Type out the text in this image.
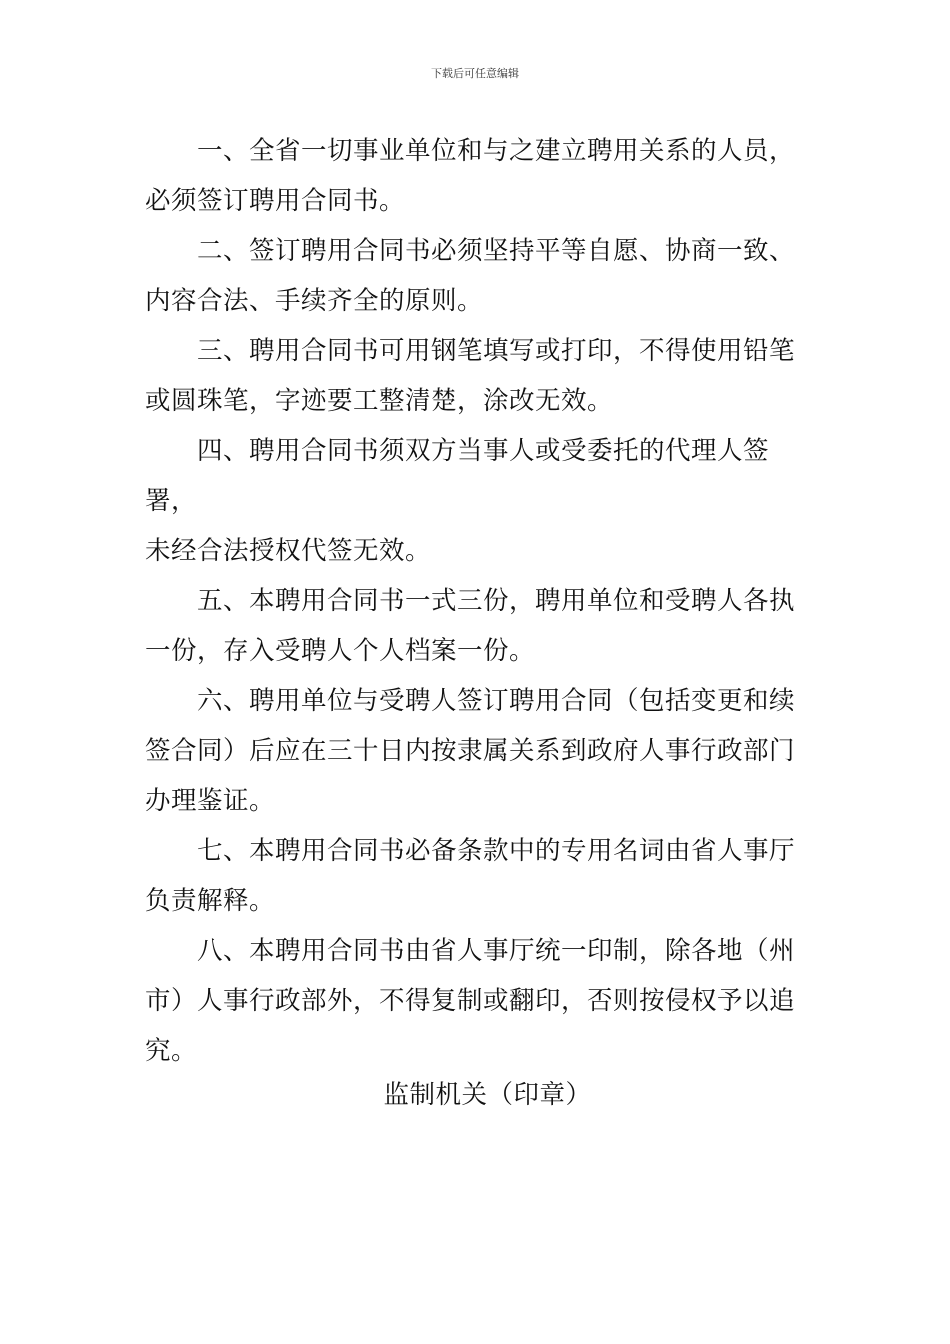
下载后可任意编辑

一、全省一切事业单位和与之建立聘用关系的人员，
必须签订聘用合同书。

二、签订聘用合同书必须坚持平等自愿、协商一致、
内容合法、手续齐全的原则。

三、聘用合同书可用钢笔填写或打印，不得使用铅笔
或圆珠笔，字迹要工整清楚，涂改无效。

四、聘用合同书须双方当事人或受委托的代理人签署，
未经合法授权代签无效。

五、本聘用合同书一式三份，聘用单位和受聘人各执
一份，存入受聘人个人档案一份。

六、聘用单位与受聘人签订聘用合同（包括变更和续
签合同）后应在三十日内按隶属关系到政府人事行政部门
办理鉴证。

七、本聘用合同书必备条款中的专用名词由省人事厅
负责解释。

八、本聘用合同书由省人事厅统一印制，除各地（州
市）人事行政部外，不得复制或翻印，否则按侵权予以追
究。

监制机关（印章）
